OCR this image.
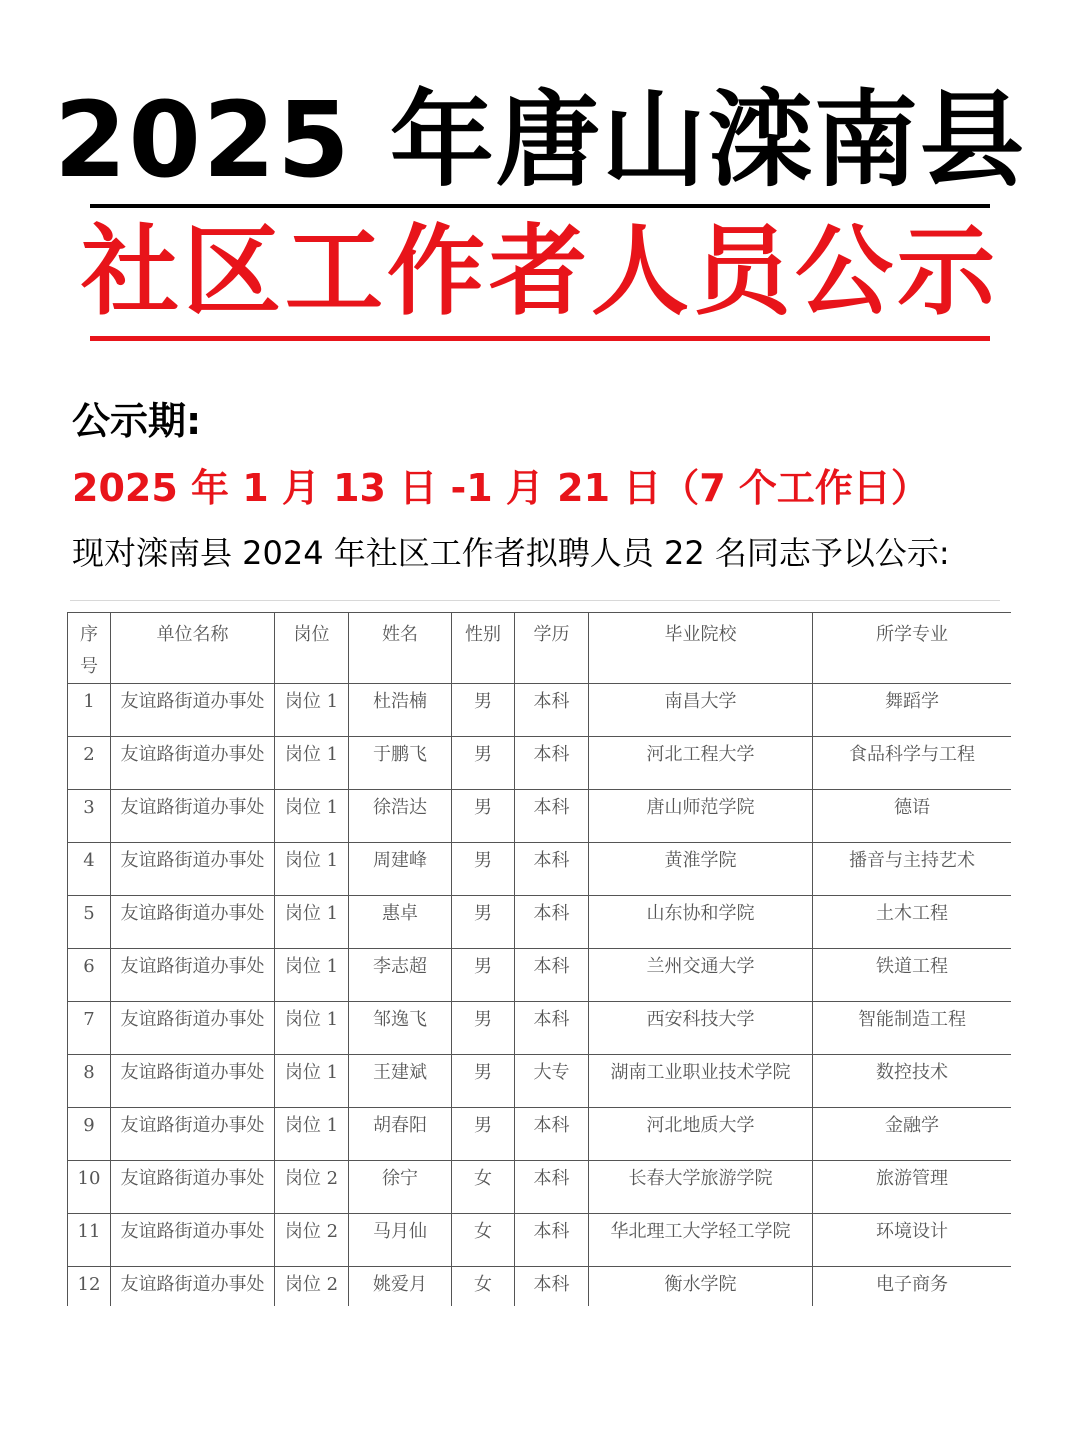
2025 年唐山滦南县
社区工作者人员公示
公示期:
2025 年 1 月 13 日 -1 月 21 日（7 个工作日）
现对滦南县 2024 年社区工作者拟聘人员 22 名同志予以公示:
序
号	单位名称	岗位	姓名	性别	学历	毕业院校	所学专业
1	友谊路街道办事处	岗位 1	杜浩楠	男	本科	南昌大学	舞蹈学
2	友谊路街道办事处	岗位 1	于鹏飞	男	本科	河北工程大学	食品科学与工程
3	友谊路街道办事处	岗位 1	徐浩达	男	本科	唐山师范学院	德语
4	友谊路街道办事处	岗位 1	周建峰	男	本科	黄淮学院	播音与主持艺术
5	友谊路街道办事处	岗位 1	惠卓	男	本科	山东协和学院	土木工程
6	友谊路街道办事处	岗位 1	李志超	男	本科	兰州交通大学	铁道工程
7	友谊路街道办事处	岗位 1	邹逸飞	男	本科	西安科技大学	智能制造工程
8	友谊路街道办事处	岗位 1	王建斌	男	大专	湖南工业职业技术学院	数控技术
9	友谊路街道办事处	岗位 1	胡春阳	男	本科	河北地质大学	金融学
10	友谊路街道办事处	岗位 2	徐宁	女	本科	长春大学旅游学院	旅游管理
11	友谊路街道办事处	岗位 2	马月仙	女	本科	华北理工大学轻工学院	环境设计
12	友谊路街道办事处	岗位 2	姚爱月	女	本科	衡水学院	电子商务
